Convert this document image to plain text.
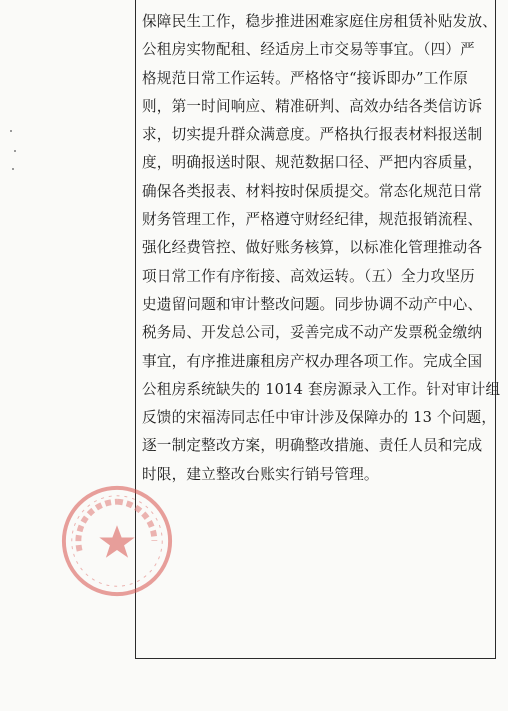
保障民生工作，稳步推进困难家庭住房租赁补贴发放、
公租房实物配租、经适房上市交易等事宜。（四）严
格规范日常工作运转。严格恪守“接诉即办”工作原
则，第一时间响应、精准研判、高效办结各类信访诉
求，切实提升群众满意度。严格执行报表材料报送制
度，明确报送时限、规范数据口径、严把内容质量，
确保各类报表、材料按时保质提交。常态化规范日常
财务管理工作，严格遵守财经纪律，规范报销流程、
强化经费管控、做好账务核算，以标准化管理推动各
项日常工作有序衔接、高效运转。（五）全力攻坚历
史遗留问题和审计整改问题。同步协调不动产中心、
税务局、开发总公司，妥善完成不动产发票税金缴纳
事宜，有序推进廉租房产权办理各项工作。完成全国
公租房系统缺失的 1014 套房源录入工作。针对审计组
反馈的宋福涛同志任中审计涉及保障办的 13 个问题，
逐一制定整改方案，明确整改措施、责任人员和完成
时限，建立整改台账实行销号管理。
